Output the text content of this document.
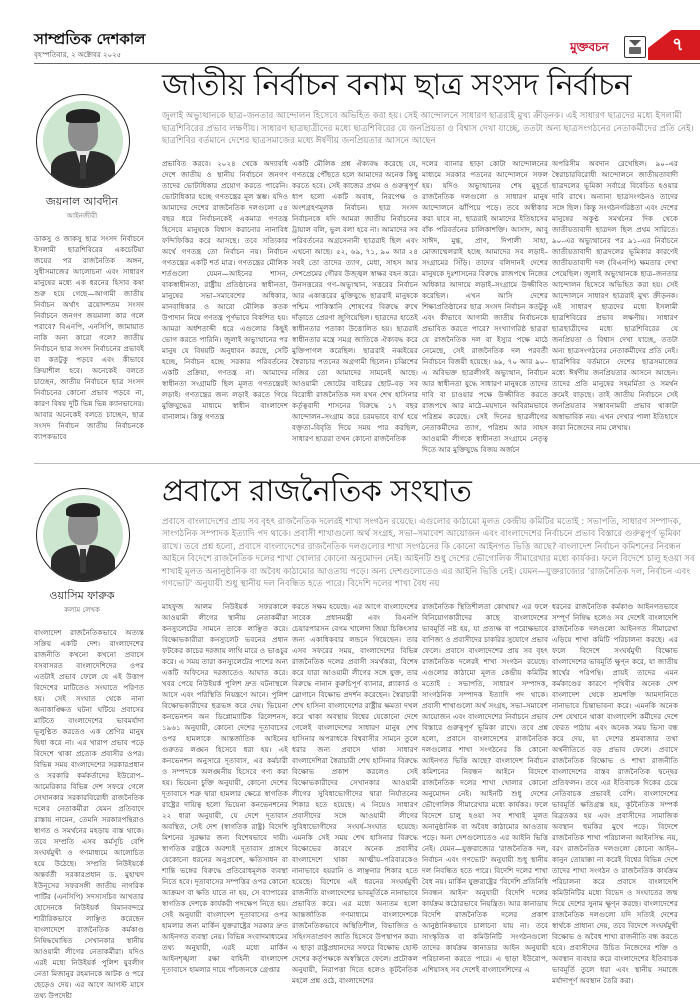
সাম্প্রতিক দেশকাল
বৃহস্পতিবার, ২ অক্টোবর ২০২৫
মুক্তবচন	৭
জয়নাল আবদীন
আইনজীবী
ডাকসু ও জাকসু ছাত্র সংসদ নির্বাচনে ইসলামী ছাত্রশিবিরের একচেটিয়া জয়ের পর রাজনৈতিক অঙ্গন, সুধীসমাজের আলোচনা এবং সাধারণ মানুষের মধ্যে এক ধরনের হিসাব কষা শুরু হয়ে গেছে—আগামী জাতীয় নির্বাচন অর্থাৎ ত্রয়োদশতম সংসদ নির্বাচনে জনগণ জয়মালা কার গলে পরাবে? বিএনপি, এনসিপি, জামায়াত নাকি অন্য কারো গলে? জাতীয় নির্বাচনে ছাত্র সংসদ নির্বাচনের প্রভাবই বা কতটুকু পড়বে এবং কীভাবে ক্রিয়াশীল হবে। অনেকেই বলতে চাচ্ছেন, জাতীয় নির্বাচনে ছাত্র সংসদ নির্বাচনের কোনো প্রভাব পড়বে না, কারণ বিষয় দুটি ভিন্ন ভিন্ন ক্যানভাসের। আবার অনেকেই বলতে চাচ্ছেন, ছাত্র সংসদ নির্বাচন জাতীয় নির্বাচনকে ব্যাপকভাবে
জাতীয় নির্বাচন বনাম ছাত্র সংসদ নির্বাচন
জুলাই অভ্যুত্থানকে ছাত্র–জনতার আন্দোলন হিসেবে অভিহিত করা হয়। সেই আন্দোলনে সাধারণ ছাত্ররাই মুখ্য ক্রীড়নক। এই সাধারণ ছাত্রদের মধ্যে ইসলামী ছাত্রশিবিরের প্রভাব লক্ষণীয়। সাধারণ ছাত্রছাত্রীদের মধ্যে ছাত্রশিবিরের যে জনপ্রিয়তা ও বিশ্বাস দেখা যাচ্ছে, ততটা অন্য ছাত্রসংগঠনের নেতাকর্মীদের প্রতি নেই। ছাত্রশিবির বর্তমানে দেশের ছাত্রসমাজের মধ্যে ঈর্ষণীয় জনপ্রিয়তার আসনে আছেন
প্রভাবিত করবে। ২০২৪ থেকে অদ্যাবধি দেশে জাতীয় ও স্থানীয় নির্বাচনে জনগণ তাদের ভোটাধিকার প্রয়োগ করতে পারেনি। ভোটাধিকার হচ্ছে গণতন্ত্রের মূল স্তম্ভ। যদিও আমাদের দেশের রাজনৈতিক দলগুলো ৫৪ বছর ধরে নির্বাচনকেই একমাত্র গণতন্ত্র হিসেবে মানুষকে বিশ্বাস করানোর নানাবিধ ফন্দিফিকির করে আসছে। তবে সত্যিকার অর্থে গণতন্ত্র তো নির্বাচন নয়। নির্বাচন গণতন্ত্রের একটি শর্ত মাত্র। গণতন্ত্রের মৌলিক শর্তগুলো যেমন—আইনের শাসন, বাকস্বাধীনতা, রাষ্ট্রীয় প্রতিষ্ঠানের স্বাধীনতা, মানুষের সভা–সমাবেশের অধিকার, মানবাধিকার ও আরো মৌলিক কতক উপাদান নিয়ে গণতন্ত্র পূর্ণভাবে বিকশিত হয়। আমরা অর্ধশতাব্দী ধরে এগুলোর কিছুই ভোগ করতে পারিনি। জুলাই অভ্যুত্থানের পর মানুষ যে বিষয়টি অনুধাবন করছে, সেটি হচ্ছে, নির্বাচন হচ্ছে সরকার পরিবর্তনের একটি প্রক্রিয়া, গণতন্ত্র না। আমাদের স্বাধীনতা সংগ্রামটি ছিল মূলত গণতন্ত্রেরই লড়াই। গণতন্ত্রের জন্য লড়াই করতে গিয়ে মুক্তিযুদ্ধের মাধ্যমে স্বাধীন বাংলাদেশ বানালাম। কিন্তু গণতন্ত্র
একটি মৌলিক প্রশ্ন ঐক্যবদ্ধ করেছে যে, গণতন্ত্রে পৌঁছতে হলে আমাদের অনেক কিছু করতে হবে। সেই কাজের প্রথম ও গুরুত্বপূর্ণ ধাপ হলো একটি অবাধ, নিরপেক্ষ ও অংশগ্রহণমূলক নির্বাচন। ছাত্র সংসদ নির্বাচনকে যদি আমরা জাতীয় নির্বাচনের ট্রায়াল বলি, ভুল বলা হবে না। আমাদের সব পরিবর্তনের অগ্রসেনানী ছাত্ররাই ছিল এবং এখনো আছে। ৫২, ৬৯, ৭১, ৯০ আর ২৪ সবই তো তাদের ত্যাগ, মেধা, সাহস আর দেশপ্রেমের গৌরব উজ্জ্বল স্বাক্ষর বহন করে। উনসত্তরের গণ–অভ্যুত্থান, সত্তরের নির্বাচন আর একাত্তরের মুক্তিযুদ্ধে ছাত্ররাই মানুষকে পশ্চিম পাকিস্তানি শোষণের বিরুদ্ধে রুখে দাঁড়াতে প্রেরণা জুগিয়েছিল। ছাত্রদের হাতেই স্বাধীনতার পতাকা উত্তোলিত হয়। ছাত্ররাই স্বাধীনতার মন্ত্রে সমগ্র জাতিকে ঐক্যবদ্ধ করে মুক্তিপাগল করেছিল। ছাত্ররাই নব্বইয়ের স্বৈরাচার পতনের অগ্রগামী ছিলেন। চব্বিশের নজির তো আমাদের সামনেই আছে। আওয়ামী জোটের বাইরের ছোট–বড় সব বিরোধী রাজনৈতিক দল যখন শেখ হাসিনার কর্তৃত্ববাদী শাসনের বিরুদ্ধে ১৭ বছর আন্দোলন–সংগ্রাম করে চরমভাবে ব্যর্থ হয়ে বক্তৃতা–বিবৃতি দিয়ে সময় পার করছিল, সাধারণ ছাত্ররা তখন কোনো রাজনৈতিক
দলের ব্যানার ছাড়া কোটা আন্দোলনের মাধ্যমে সরকার পতনের আন্দোলনে সফল হয়। যদিও অভ্যুত্থানের শেষ মুহূর্তে রাজনৈতিক দলগুলো ও সাধারণ মানুষ আন্দোলনে ঝাঁপিয়ে পড়ে। তবে অস্বীকার করা যাবে না, ছাত্ররাই আমাদের ইতিহাসের বাঁক পরিবর্তনের চালিকাশক্তি। আসাদ, আবু সাঈদ, মুগ্ধ, প্রাণ, দিপালী সাহা, মোজাম্মেলরাই হচ্ছে আমাদের সব লড়াই–সংগ্রামের সিঁড়ি। তাদের বলিদানই দেশের মানুষকে দুঃশাসনের বিরুদ্ধে রাজপথে নিজের অধিকার আদায়ে লড়াই–সংগ্রামে উজ্জীবিত করেছিল। এখন আসি দেশের শিক্ষাপ্রতিষ্ঠানের ছাত্র সংসদ নির্বাচন কতটুকু এবং কীভাবে আগামী জাতীয় নির্বাচনকে প্রভাবিত করতে পারে? সংখ্যাগরিষ্ঠ ছাত্ররা যে রাজনৈতিক দল বা ইস্যুর পক্ষে মাঠে নেমেছে, সেই রাজনৈতিক দল পরবর্তী নির্বাচনে বিজয়ী হয়েছে। ৬৯, ৭০ আর ৯০–এ অবিভক্ত ছাত্রলীগই অভ্যুত্থান, নির্বাচন আর স্বাধীনতা যুদ্ধে সাধারণ মানুষকে তাদের দাবি বা চাওয়ার পক্ষে উজ্জীবিত করতে রাজপথে আর মাঠে–ময়দানে অবিরামভাবে পরিশ্রম করেছে। সেই দিনের ছাত্রলীগের নেতাকর্মীদের ত্যাগ, পরিশ্রম আর সাহস আওয়ামী লীগকে স্বাধীনতা সংগ্রামে নেতৃত্ব দিতে আর মুক্তিযুদ্ধে বিজয় অর্জনে
অপরিসীম অবদান রেখেছিল। ৯০–এর স্বৈরাচারবিরোধী আন্দোলনে জাতীয়তাবাদী ছাত্রদলের ভূমিকা সর্বাগ্রে বিবেচিত হওয়ার দাবি রাখে। অন্যান্য ছাত্রসংগঠনও তাদের সঙ্গে ছিল। কিন্তু সংগঠনগরিষ্ঠতা এবং দেশের মানুষের অকুণ্ঠ সমর্থনের দিক থেকে জাতীয়তাবাদী ছাত্রদল ছিল প্রথম সারিতে। ৯০–এর অভ্যুত্থানের পর ৯১–এর নির্বাচনে জাতীয়তাবাদী ছাত্রদলের ভূমিকার কারণেই জাতীয়তাবাদী দল (বিএনপি) ক্ষমতার দেখা পেয়েছিল। জুলাই অভ্যুত্থানকে ছাত্র–জনতার আন্দোলন হিসেবে অভিহিত করা হয়। সেই আন্দোলনে সাধারণ ছাত্ররাই মুখ্য ক্রীড়নক। এই সাধারণ ছাত্রদের মধ্যে ইসলামী ছাত্রশিবিরের প্রভাব লক্ষণীয়। সাধারণ ছাত্রছাত্রীদের মধ্যে ছাত্রশিবিরের যে জনপ্রিয়তা ও বিশ্বাস দেখা যাচ্ছে, ততটা অন্য ছাত্রসংগঠনের নেতাকর্মীদের প্রতি নেই। ছাত্রশিবির বর্তমানে দেশের ছাত্রসমাজের মধ্যে ঈর্ষণীয় জনপ্রিয়তার আসনে আছেন। তাদের প্রতি মানুষের সহমর্মিতা ও সমর্থন ক্রমেই বাড়ছে। তাই জাতীয় নির্বাচনে সেই জনপ্রিয়তার সম্ভাবনাময়ী প্রভাব থাকাটা অস্বাভাবিক নয়। এখন দেখার পালা ইতিহাসে কারা নিজেদের নাম লেখায়।
ওয়াসিম ফারুক
কলাম লেখক
বাংলাদেশ রাজনৈতিকভাবে অত্যন্ত সক্রিয় একটি দেশ। বাংলাদেশের রাজনীতি কখনো কখনো প্রবাসে বসবাসরত বাংলাদেশিদের ওপর এতটাই প্রভাব ফেলে যে এই উত্তাপ বিদেশের মাটিতেও সংঘাতে পরিণত হয়। সেই সংঘাত থেকে নানা অনাকাঙ্ক্ষিত ঘটনা ঘটিয়ে প্রবাসের মাটিতে বাংলাদেশের ভাবমর্যাদা ভূলুণ্ঠিত করতেও এক শ্রেণির মানুষ দ্বিধা করে না। এর খারাপ প্রভাব পড়ে বিদেশে থাকা প্রত্যেক প্রবাসীর ওপর। বিভিন্ন সময় বাংলাদেশের সরকারপ্রধান ও সরকারি কর্মকর্তাদের ইউরোপ–আমেরিকার বিভিন্ন দেশ সফরে গেলে সেখানকার সরকারবিরোধী রাজনৈতিক দলের নেতাকর্মীরা যেমন প্রতিবাদে রাস্তায় নামেন, তেমনি সরকারপন্থিরাও স্বাগত ও সমর্থনের মহড়ায় ব্যস্ত থাকে। তবে সম্প্রতি এসব কর্মসূচি বেশি সংঘর্ষমুখী ও গণমাধ্যমে আলোচিত হয়ে উঠেছে। সম্প্রতি নিউইয়র্কে অন্তর্বর্তী সরকারপ্রধান ড. মুহাম্মদ ইউনূসের সফরসঙ্গী জাতীয় নাগরিক পার্টির (এনসিপি) সদস্যসচিব আখতার হোসেনকে নিউইয়র্ক বিমানবন্দরে শারীরিকভাবে লাঞ্ছিত করেছেন বাংলাদেশে রাজনৈতিক কর্মকাণ্ড নিষিদ্ধঘোষিত সেখানকার স্থানীয় আওয়ামী লীগের নেতাকর্মীরা। যদিও এরই মধ্যে নিউইয়র্ক পুলিশ যুবলীগ নেতা মিজানুর রহমানকে আটক ও পরে ছেড়েও দেয়। এর আগে আগস্ট মাসে তথ্য উপদেষ্টা
প্রবাসে রাজনৈতিক সংঘাত
প্রবাসে বাংলাদেশের প্রায় সব বৃহৎ রাজনৈতিক দলেরই শাখা সংগঠন রয়েছে। এগুলোর কাঠামো মূলত কেন্দ্রীয় কমিটির মতোই : সভাপতি, সাধারণ সম্পাদক, সাংগঠনিক সম্পাদক ইত্যাদি পদ থাকে। প্রবাসী শাখাগুলো অর্থ সংগ্রহ, সভা–সমাবেশ আয়োজন এবং বাংলাদেশের নির্বাচনে প্রভাব বিস্তারে গুরুত্বপূর্ণ ভূমিকা রাখে। তবে প্রশ্ন হলো, প্রবাসে বাংলাদেশের রাজনৈতিক দলগুলোর শাখা সংগঠনের কি কোনো আইনগত ভিত্তি আছে? বাংলাদেশ নির্বাচন কমিশনের নিবন্ধন আইনে বিদেশে রাজনৈতিক দলের শাখা খোলার কোনো অনুমোদন নেই। আইনটি শুধু দেশের ভৌগোলিক সীমারেখার মধ্যে কার্যকর। ফলে বিদেশে চালু হওয়া সব শাখাই মূলত অনানুষ্ঠানিক বা অবৈধ কাঠামোর আওতায় পড়ে। অন্য দেশগুলোতেও এর আইনি ভিত্তি নেই। যেমন—যুক্তরাজ্যের 'রাজনৈতিক দল, নির্বাচন এবং গণভোট' অনুযায়ী শুধু স্থানীয় দল নিবন্ধিত হতে পারে। বিদেশি দলের শাখা বৈধ নয়
মাহফুজ আলম নিউইয়র্ক সফরকালে আওয়ামী লীগের স্থানীয় নেতাকর্মীরা কনস্যুলেটের সামনে তাকে লাঞ্ছিত করে। বিক্ষোভকারীরা কনস্যুলেট ভবনের প্রধান ফটকের কাচের দরজায় লাথি মারে ও ভাঙচুর করে। এ সময় তারা কনস্যুলেটের পাশের অন্য একটি অফিসের দরজাতেও আঘাত করে। খবর পেয়ে নিউইয়র্ক পুলিশ দ্রুত ঘটনাস্থলে আসে এবং পরিস্থিতি নিয়ন্ত্রণে আনে। পুলিশ বিক্ষোভকারীদের ছত্রভঙ্গ করে দেয়। ভিয়েনা কনভেনশন অন ডিপ্লোম্যাটিক রিলেশনস, ১৯৬১ অনুযায়ী, কোনো দেশের দূতাবাসের ওপর হামলাকে আন্তর্জাতিক আইনের গুরুতর লঙ্ঘন হিসেবে ধরা হয়। এই কনভেনশন অনুসারে দূতাবাস, এর কর্মচারী ও সম্পদকে অলঙ্ঘনীয় হিসেবে গণ্য করা হয়। ভিয়েনা চুক্তি অনুযায়ী, কোনো দেশের দূতাবাসে শত্রু দ্বারা হামলার ক্ষেত্রে স্বাগতিক রাষ্ট্রের দায়িত্ব হলো ভিয়েনা কনভেনশনের ২২ ধারা অনুযায়ী, যে দেশে দূতাবাস অবস্থিত, সেই দেশ (স্বাগতিক রাষ্ট্র) বিদেশি মিশনের সুরক্ষার জন্য বিশেষভাবে দায়ী। স্বাগতিক রাষ্ট্রকে অবশ্যই দূতাবাস প্রাঙ্গণে যেকোনো ধরনের অনুপ্রবেশ, ক্ষতিসাধন বা শান্তি ভঙ্গের বিরুদ্ধে প্রতিরোধমূলক ব্যবস্থা নিতে হবে। দূতাবাসের সম্পত্তির ওপর কোনো আক্রমণ বা ক্ষতি যাতে না হয়, সে ব্যাপারের স্বাগতিক দেশকে কার্যকরী পদক্ষেপ নিতে হয়। সেই অনুযায়ী বাংলাদেশ দূতাবাসের ওপর হামলার জন্য মার্কিন যুক্তরাষ্ট্রের সরকার দ্রুত আইনগত ব্যবস্থা নেয়। বিভিন্ন সংবাদমাধ্যমের তথ্য অনুযায়ী, এরই মধ্যে মার্কিন আইনশৃঙ্খলা রক্ষা বাহিনী বাংলাদেশ দূতাবাসে হামলার দায়ে পাঁচজনকে গ্রেপ্তার
করতে সক্ষম হয়েছে। এর আগে বাংলাদেশের সাবেক প্রধানমন্ত্রী এবং বিএনপি চেয়ারপারসন বেগম খালেদা জিয়া চিকিৎসার জন্য একাধিকবার লন্ডনে গিয়েছেন। তার এসব সফরের সময়, বাংলাদেশের বিভিন্ন রাজনৈতিক দলের প্রবাসী সমর্থকরা, বিশেষ করে যারা আওয়ামী লীগের সঙ্গে যুক্ত, তার বিরুদ্ধে নানান কুরুচিপূর্ণ ব্যানার, প্ল্যাকার্ড ও স্লোগানে বিক্ষোভ প্রদর্শন করেছেন। স্বৈরাচারী শেখ হাসিনা বাংলাদেশের রাষ্ট্রীয় ক্ষমতা দখল করে থাকা অবস্থায় বিশ্বের যেকোনো দেশে গেলেই বাংলাদেশের সাধারণ মানুষ শেখ হাসিনার অপরাধকে বিশ্ববাসীর সামনে তুলে ধরার জন্য প্রবাসে থাকা সাধারণ বাংলাদেশিরা স্বৈরাচারী শেখ হাসিনার বিরুদ্ধে বিক্ষোভ প্রকাশ করলেও সেই বিক্ষোভকারীদের সেখানকার আওয়ামী লীগের সুবিধাভোগীদের দ্বারা নির্যাতনের শিকার হতে হয়েছে। এ নিয়েও সাধারণ প্রবাসীদের সঙ্গে আওয়ামী লীগের সুবিধাভোগীদের সংঘর্ষ–সংঘাত হয়েছে। এমনকি সেই সময় শেখ হাসিনার বিরুদ্ধে বিক্ষোভের কারণে অনেক প্রবাসীর বাংলাদেশে থাকা আত্মীয়–পরিবারকেও নানাভাবে হয়রানি ও লাঞ্ছনার শিকার হতে হয়েছে। বিশেষে এই ধরনের সংঘর্ষমুখী রাজনীতি বাংলাদেশের ভাবমূর্তিকে নানাভাবে প্রভাবিত করে। এর মধ্যে অন্যতম হলো আন্তর্জাতিক গণমাধ্যমে বাংলাদেশকে রাজনৈতিকভাবে অস্থিতিশীল, বিভাজিত ও সহিংসতাপ্রবণ জাতি হিসেবে উপস্থাপন করা। এ ছাড়া রাষ্ট্রপ্রধানদের সফরে বিক্ষোভ হোস্ট দেশের কর্তৃপক্ষকে অস্বস্তিতে ফেলে। প্রটোকল অনুযায়ী, নিরাপত্তা দিতে হলেও কূটনৈতিক মহলে প্রশ্ন ওঠে, বাংলাদেশের
রাজনৈতিক স্থিতিশীলতা কোথায়? এর ফলে বিনিয়োগকারীদের কাছে বাংলাদেশের ভাবমূর্তি নষ্ট হয়, যা প্রত্যক্ষ বা পরোক্ষভাবে বাণিজ্য ও প্রবাসীদের চাকরির সুযোগে প্রভাব ফেলে। প্রবাসে বাংলাদেশের প্রায় সব বৃহৎ রাজনৈতিক দলেরই শাখা সংগঠন রয়েছে। এগুলোর কাঠামো মূলত কেন্দ্রীয় কমিটির মতোই : সভাপতি, সাধারণ সম্পাদক, সাংগঠনিক সম্পাদক ইত্যাদি পদ থাকে। প্রবাসী শাখাগুলো অর্থ সংগ্রহ, সভা–সমাবেশ আয়োজন এবং বাংলাদেশের নির্বাচনে প্রভাব বিস্তারে গুরুত্বপূর্ণ ভূমিকা রাখে। তবে প্রশ্ন হলো, প্রবাসে বাংলাদেশের রাজনৈতিক দলগুলোর শাখা সংগঠনের কি কোনো আইনগত ভিত্তি আছে? বাংলাদেশ নির্বাচন কমিশনের নিবন্ধন আইনে বিদেশে রাজনৈতিক দলের শাখা খোলার কোনো অনুমোদন নেই। আইনটি শুধু দেশের ভৌগোলিক সীমারেখার মধ্যে কার্যকর। ফলে বিদেশে চালু হওয়া সব শাখাই মূলত অনানুষ্ঠানিক বা অবৈধ কাঠামোর আওতায় পড়ে। অন্য দেশগুলোতেও এর আইনি ভিত্তি নেই। যেমন—যুক্তরাজ্যের 'রাজনৈতিক দল, নির্বাচন এবং গণভোট' অনুযায়ী শুধু স্থানীয় দল নিবন্ধিত হতে পারে। বিদেশি দলের শাখা বৈধ নয়। মার্কিন যুক্তরাষ্ট্রের 'বিদেশি প্রতিনিধি নিবন্ধন আইন' অনুযায়ী বিদেশি দলের কার্যক্রম কঠোরভাবে নিয়ন্ত্রিত। আর কানাডায় বিদেশি রাজনৈতিক দলের প্রকাশ আনুষ্ঠানিকভাবে চালানো যায় না। তবে সাংস্কৃতিক বা কমিউনিটি সংগঠনগুলো তাদের কার্যক্রম কানাডার আইন অনুযায়ী পরিচালনা করতে পারে। এ ছাড়া ইউরোপ, এশিয়াসহ সব দেশেই বাংলাদেশিদের এ
ধরনের রাজনৈতিক কর্মকাণ্ড আইনগতভাবে সম্পূর্ণ নিষিদ্ধ হলেও সব দেশেই বাংলাদেশি রাজনৈতিক দলগুলো আইনগত সীমারেখা এড়িয়ে শাখা কমিটি পরিচালনা করছে। এর ফলে বিদেশে সংঘর্ষমুখী বিক্ষোভ বাংলাদেশের ভাবমূর্তি ক্ষুণ্ন করে, যা জাতীয় স্বার্থের পরিপন্থি। প্রায়ই তাদের এমন কর্মকাণ্ডের কারণে পৃথিবীর অনেক দেশ বাংলাদেশ থেকে শ্রমশক্তি আমদানিতে নানাভাবে চিন্তাভাবনা করে। এমনকি অনেক দেশ যেখানে থাকা বাংলাদেশি কর্মীদের দেশে ফেরত পাঠায় এবং অনেক সময় ভিসা বন্ধ করে দেয়, যা দেশের শ্রমবাজার তথা অর্থনীতিতে বড় প্রভাব ফেলে। প্রবাসে রাজনৈতিক বিক্ষোভ ও শাখা রাজনীতি বাংলাদেশের বাস্তব রাজনৈতিক দ্বন্দ্বের প্রতিফলন। তবে এর ইতিবাচক দিকের চেয়ে নেতিবাচক প্রভাবই বেশি। বাংলাদেশের ভাবমূর্তি ক্ষতিগ্রস্ত হয়, কূটনৈতিক সম্পর্ক বিব্রতকর হয় এবং প্রবাসীদের সামাজিক অবস্থান হুমকির মুখে পড়ে। বিদেশে রাজনৈতিক শাখা পরিচালনা আইনসিদ্ধ নয়, বরং রাজনৈতিক দলগুলো কোনো আইন–কানুন তোয়াক্কা না করেই বিশ্বের বিভিন্ন দেশে তাদের শাখা সংগঠন ও রাজনৈতিক কার্যক্রম পরিচালনা করে প্রবাসে বাংলাদেশি কমিউনিটির মধ্যে বিভেদ ও সংঘাতের জন্ম দিয়ে দেশের সুনাম ক্ষুণ্ন করছে। বাংলাদেশের রাজনৈতিক দলগুলো যদি সত্যিই দেশের স্বার্থকে প্রাধান্য দেয়, তবে বিদেশে সংঘর্ষমুখী বিক্ষোভ ও অবৈধ শাখা রাজনীতি বন্ধ করতে হবে। প্রবাসীদের উচিত নিজেদের শক্তি ও অবস্থান ব্যবহার করে বাংলাদেশের ইতিবাচক ভাবমূর্তি তুলে ধরা এবং স্থানীয় সমাজে মর্যাদাপূর্ণ অবস্থান তৈরি করা।
